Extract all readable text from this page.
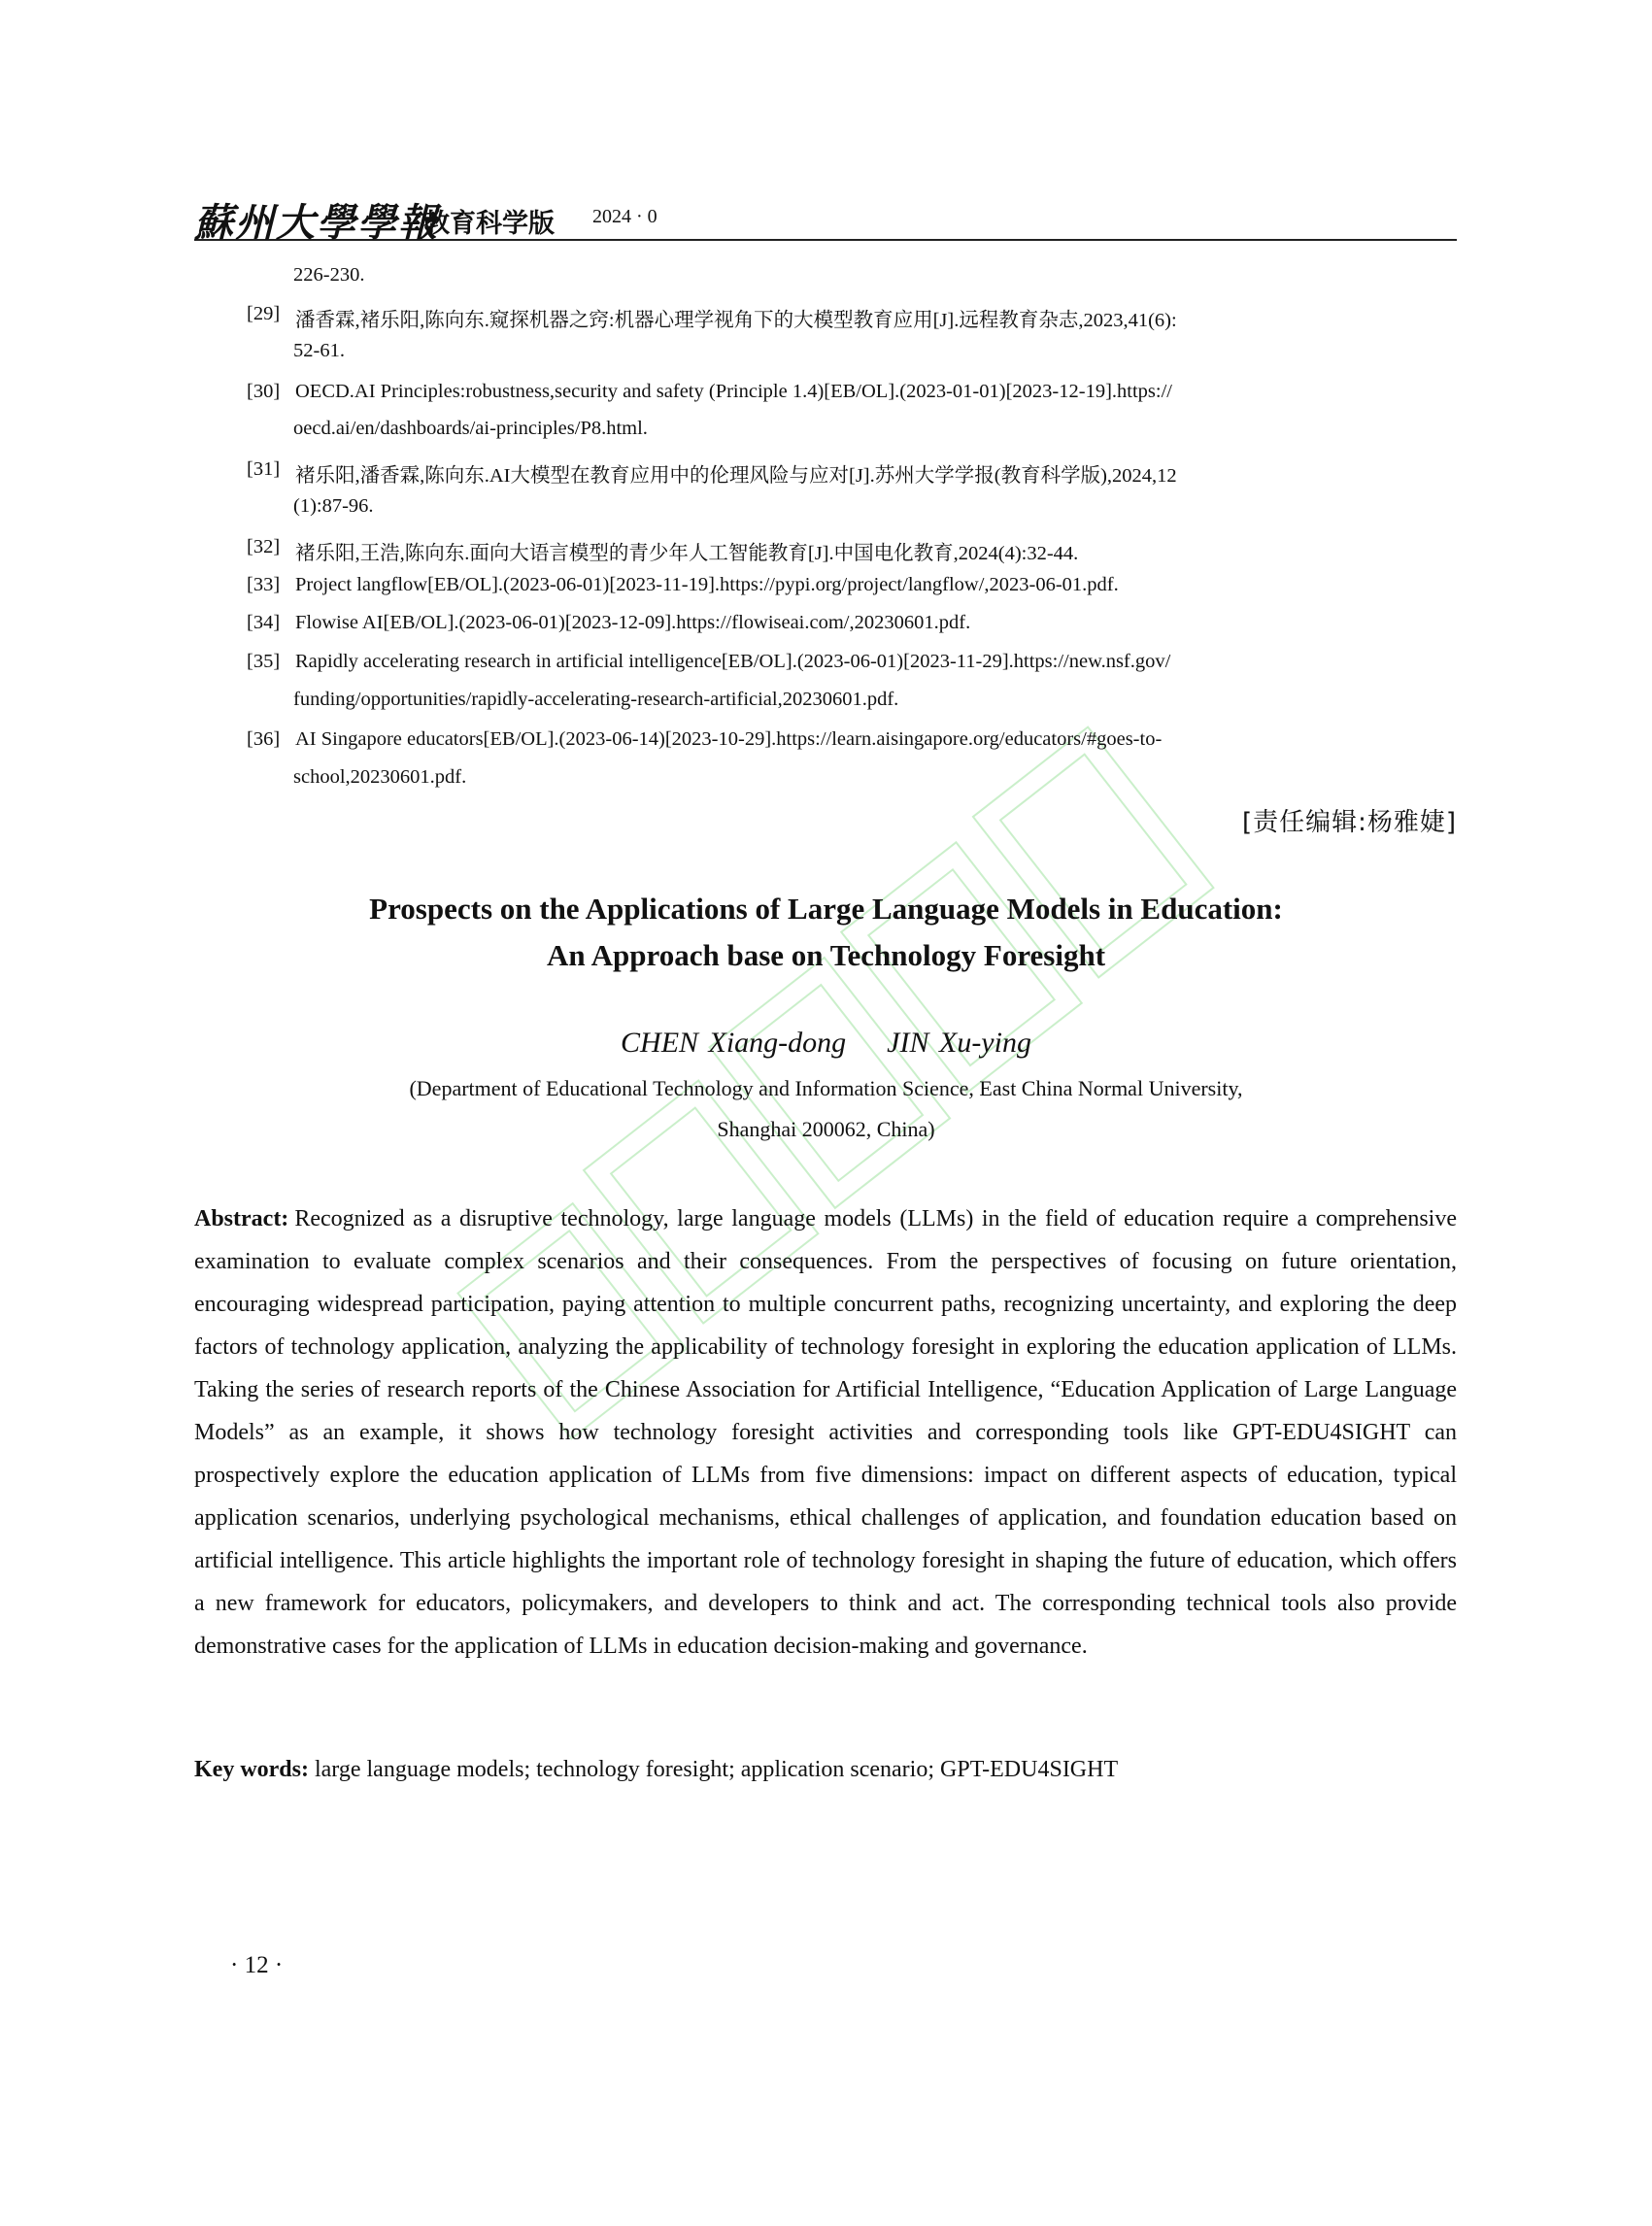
蘇州大學學報
教育科学版 2024 · 0
226-230.
[29] 潘香霖,褚乐阳,陈向东.窥探机器之窍:机器心理学视角下的大模型教育应用[J].远程教育杂志,2023,41(6):
52-61.
[30] OECD.AI Principles:robustness,security and safety (Principle 1.4)[EB/OL].(2023-01-01)[2023-12-19].https://
oecd.ai/en/dashboards/ai-principles/P8.html.
[31] 褚乐阳,潘香霖,陈向东.AI大模型在教育应用中的伦理风险与应对[J].苏州大学学报(教育科学版),2024,12
(1):87-96.
[32] 褚乐阳,王浩,陈向东.面向大语言模型的青少年人工智能教育[J].中国电化教育,2024(4):32-44.
[33] Project langflow[EB/OL].(2023-06-01)[2023-11-19].https://pypi.org/project/langflow/,2023-06-01.pdf.
[34] Flowise AI[EB/OL].(2023-06-01)[2023-12-09].https://flowiseai.com/,20230601.pdf.
[35] Rapidly accelerating research in artificial intelligence[EB/OL].(2023-06-01)[2023-11-29].https://new.nsf.gov/
funding/opportunities/rapidly-accelerating-research-artificial,20230601.pdf.
[36] AI Singapore educators[EB/OL].(2023-06-14)[2023-10-29].https://learn.aisingapore.org/educators/#goes-to-
school,20230601.pdf.
[责任编辑:杨雅婕]
Prospects on the Applications of Large Language Models in Education:
An Approach base on Technology Foresight
CHEN Xiang-dong    JIN Xu-ying
(Department of Educational Technology and Information Science, East China Normal University,
Shanghai 200062, China)
Abstract: Recognized as a disruptive technology, large language models (LLMs) in the field of education require a comprehensive examination to evaluate complex scenarios and their consequences. From the perspectives of focusing on future orientation, encouraging widespread participation, paying attention to multiple concurrent paths, recognizing uncertainty, and exploring the deep factors of technology application, analyzing the applicability of technology foresight in exploring the education application of LLMs. Taking the series of research reports of the Chinese Association for Artificial Intelligence, “Education Application of Large Language Models” as an example, it shows how technology foresight activities and corresponding tools like GPT-EDU4SIGHT can prospectively explore the education application of LLMs from five dimensions: impact on different aspects of education, typical application scenarios, underlying psychological mechanisms, ethical challenges of application, and foundation education based on artificial intelligence. This article highlights the important role of technology foresight in shaping the future of education, which offers a new framework for educators, policymakers, and developers to think and act. The corresponding technical tools also provide demonstrative cases for the application of LLMs in education decision-making and governance.
Key words: large language models; technology foresight; application scenario; GPT-EDU4SIGHT
· 12 ·
